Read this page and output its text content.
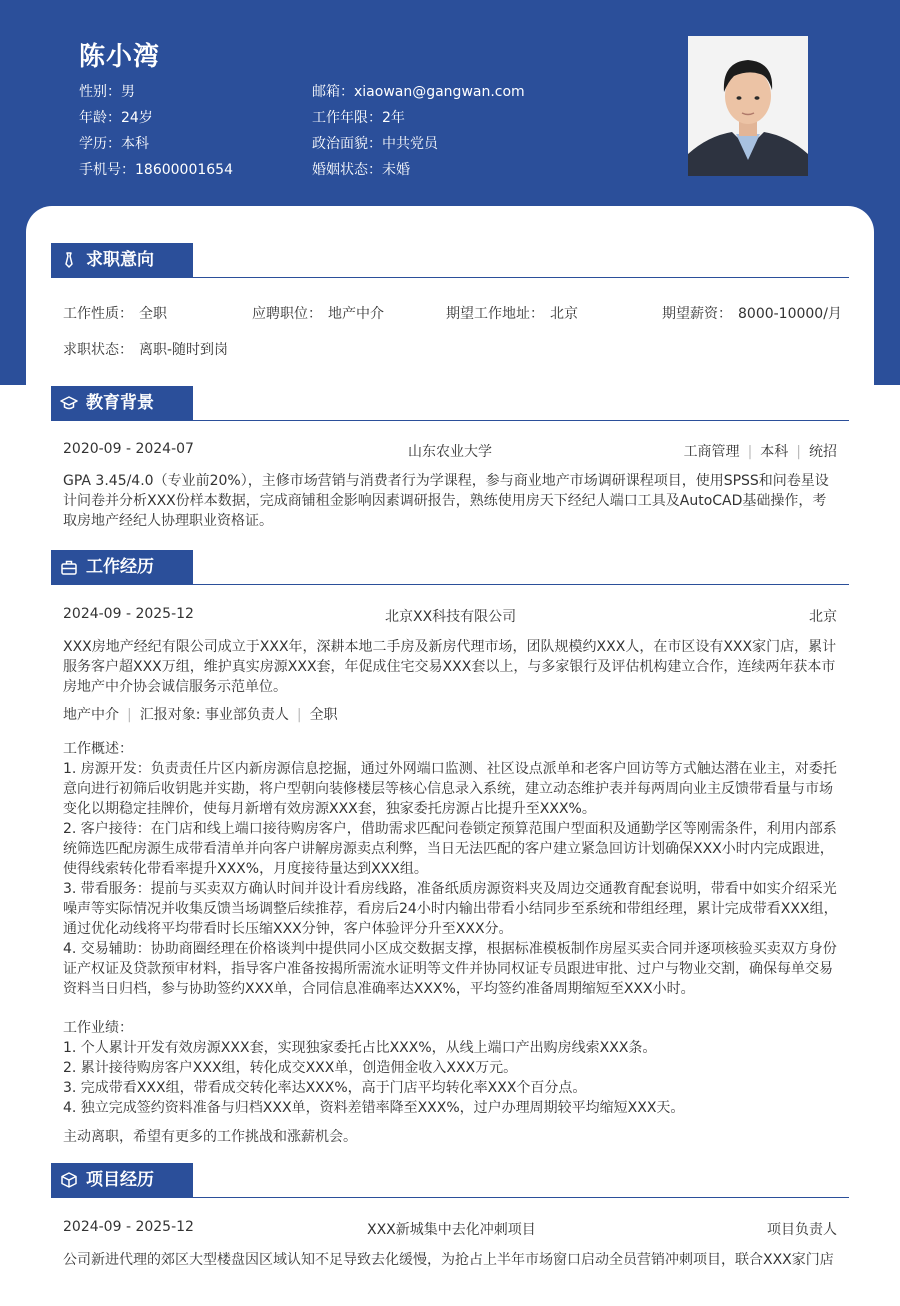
陈小湾
性别：男
年龄：24岁
学历：本科
手机号：18600001654
邮箱：xiaowan@gangwan.com
工作年限：2年
政治面貌：中共党员
婚姻状态：未婚
求职意向
工作性质： 全职	应聘职位： 地产中介	期望工作地址： 北京	期望薪资： 8000-10000/月
求职状态： 离职-随时到岗
教育背景
2020-09 - 2024-07	山东农业大学	工商管理 | 本科 | 统招
GPA 3.45/4.0（专业前20%），主修市场营销与消费者行为学课程，参与商业地产市场调研课程项目，使用SPSS和问卷星设
计问卷并分析XXX份样本数据，完成商铺租金影响因素调研报告，熟练使用房天下经纪人端口工具及AutoCAD基础操作，考
取房地产经纪人协理职业资格证。
工作经历
2024-09 - 2025-12	北京XX科技有限公司	北京
XXX房地产经纪有限公司成立于XXX年，深耕本地二手房及新房代理市场，团队规模约XXX人，在市区设有XXX家门店，累计
服务客户超XXX万组，维护真实房源XXX套，年促成住宅交易XXX套以上，与多家银行及评估机构建立合作，连续两年获本市
房地产中介协会诚信服务示范单位。
地产中介 | 汇报对象: 事业部负责人 | 全职
工作概述：
1. 房源开发：负责责任片区内新房源信息挖掘，通过外网端口监测、社区设点派单和老客户回访等方式触达潜在业主，对委托
意向进行初筛后收钥匙并实勘，将户型朝向装修楼层等核心信息录入系统，建立动态维护表并每两周向业主反馈带看量与市场
变化以期稳定挂牌价，使每月新增有效房源XXX套，独家委托房源占比提升至XXX%。
2. 客户接待：在门店和线上端口接待购房客户，借助需求匹配问卷锁定预算范围户型面积及通勤学区等刚需条件，利用内部系
统筛选匹配房源生成带看清单并向客户讲解房源卖点利弊，当日无法匹配的客户建立紧急回访计划确保XXX小时内完成跟进，
使得线索转化带看率提升XXX%，月度接待量达到XXX组。
3. 带看服务：提前与买卖双方确认时间并设计看房线路，准备纸质房源资料夹及周边交通教育配套说明，带看中如实介绍采光
噪声等实际情况并收集反馈当场调整后续推荐，看房后24小时内输出带看小结同步至系统和带组经理，累计完成带看XXX组，
通过优化动线将平均带看时长压缩XXX分钟，客户体验评分升至XXX分。
4. 交易辅助：协助商圈经理在价格谈判中提供同小区成交数据支撑，根据标准模板制作房屋买卖合同并逐项核验买卖双方身份
证产权证及贷款预审材料，指导客户准备按揭所需流水证明等文件并协同权证专员跟进审批、过户与物业交割，确保每单交易
资料当日归档，参与协助签约XXX单，合同信息准确率达XXX%，平均签约准备周期缩短至XXX小时。
工作业绩：
1. 个人累计开发有效房源XXX套，实现独家委托占比XXX%，从线上端口产出购房线索XXX条。
2. 累计接待购房客户XXX组，转化成交XXX单，创造佣金收入XXX万元。
3. 完成带看XXX组，带看成交转化率达XXX%，高于门店平均转化率XXX个百分点。
4. 独立完成签约资料准备与归档XXX单，资料差错率降至XXX%，过户办理周期较平均缩短XXX天。
主动离职，希望有更多的工作挑战和涨薪机会。
项目经历
2024-09 - 2025-12	XXX新城集中去化冲刺项目	项目负责人
公司新进代理的郊区大型楼盘因区域认知不足导致去化缓慢，为抢占上半年市场窗口启动全员营销冲刺项目，联合XXX家门店
